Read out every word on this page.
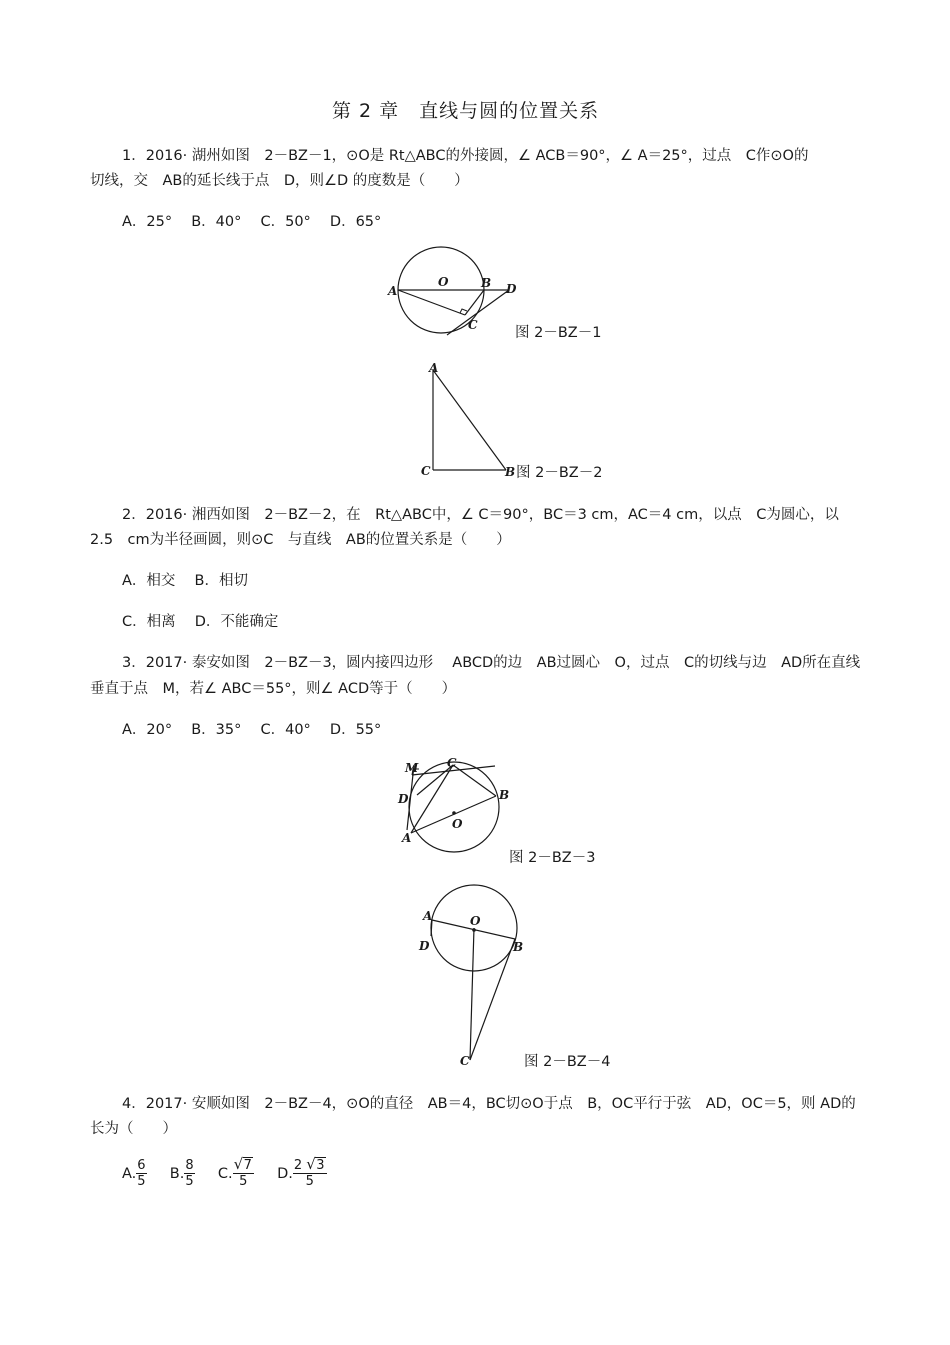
第 2 章　直线与圆的位置关系
1．2016· 湖州如图　2－BZ－1，⊙O是 Rt△ABC的外接圆，∠ ACB＝90°，∠ A＝25°，过点　C作⊙O的
切线，交　AB的延长线于点　D，则∠D 的度数是（　　）
A．25°　 B．40°　 C．50°　 D．65°
A
O	B D
C	图 2－BZ－1
A
C	B 图 2－BZ－2
2．2016· 湘西如图　2－BZ－2，在　Rt△ABC中，∠ C＝90°，BC＝3 cm，AC＝4 cm，以点　C为圆心，以
2.5　cm为半径画圆，则⊙C　与直线　AB的位置关系是（　　）
A．相交　 B．相切
C．相离　 D．不能确定
3．2017· 泰安如图　2－BZ－3，圆内接四边形　 ABCD的边　AB过圆心　O，过点　C的切线与边　AD所在直线
垂直于点　M，若∠ ABC＝55°，则∠ ACD等于（　　）
A．20°　 B．35°　 C．40°　 D．55°
M C
D	B
O
A
图 2－BZ－3
A	O
D	B
C	图 2－BZ－4
4．2017· 安顺如图　2－BZ－4，⊙O的直径　AB＝4，BC切⊙O于点　B，OC平行于弦　AD，OC＝5，则 AD的
长为（　　）
A. $\frac{6}{5} B$. $\frac{8}{5} C$. $\frac{√ 7}{5} D$. $\frac{2 √ 3}{5}$
